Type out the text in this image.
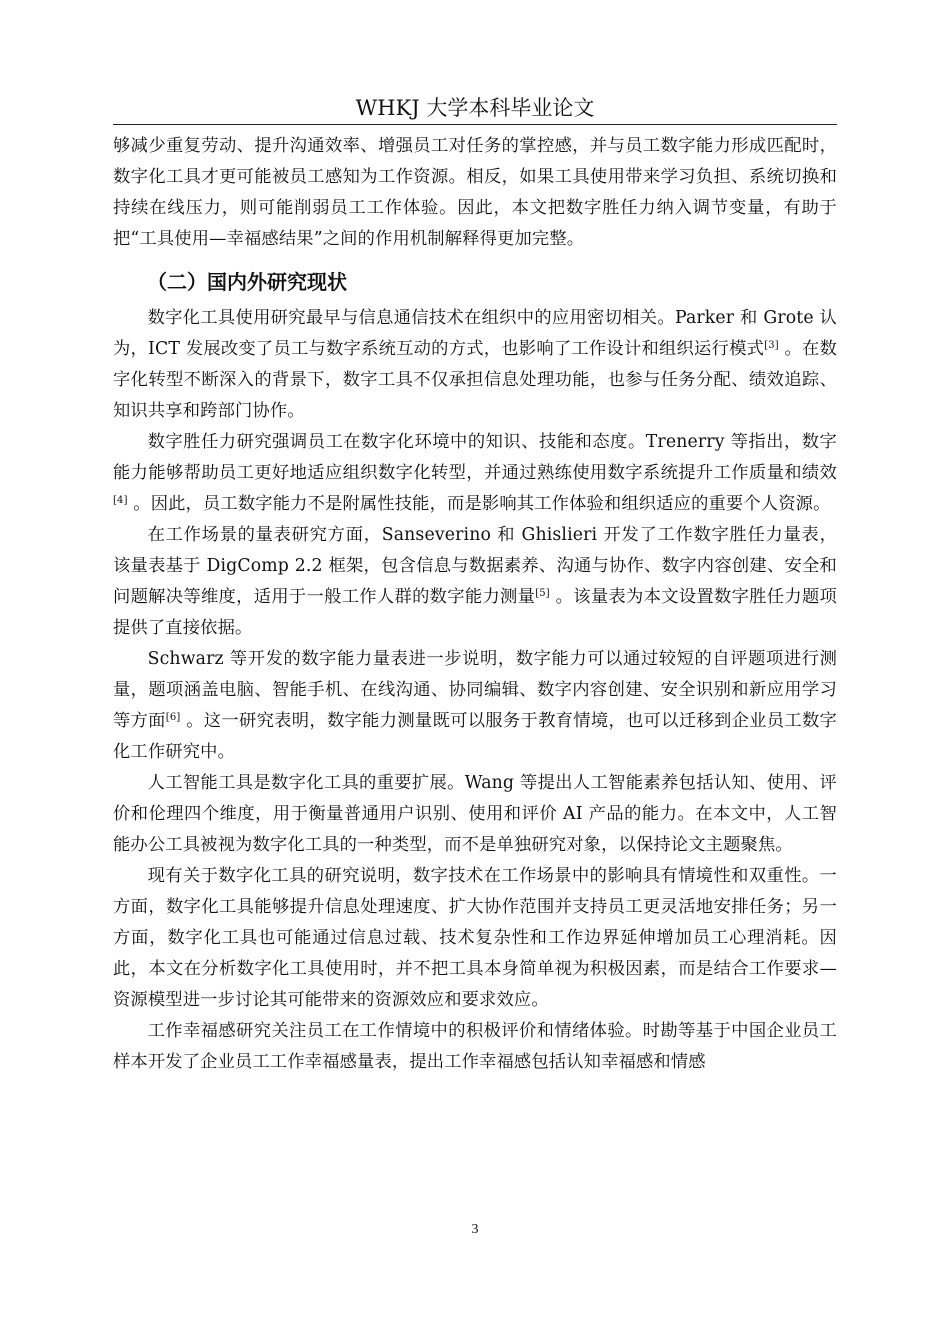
WHKJ 大学本科毕业论文

够减少重复劳动、提升沟通效率、增强员工对任务的掌控感，并与员工数字能力形成匹配时，数字化工具才更可能被员工感知为工作资源。相反，如果工具使用带来学习负担、系统切换和持续在线压力，则可能削弱员工工作体验。因此，本文把数字胜任力纳入调节变量，有助于把“工具使用—幸福感结果”之间的作用机制解释得更加完整。

（二）国内外研究现状

数字化工具使用研究最早与信息通信技术在组织中的应用密切相关。Parker 和 Grote 认为，ICT 发展改变了员工与数字系统互动的方式，也影响了工作设计和组织运行模式[3] 。在数字化转型不断深入的背景下，数字工具不仅承担信息处理功能，也参与任务分配、绩效追踪、知识共享和跨部门协作。

数字胜任力研究强调员工在数字化环境中的知识、技能和态度。Trenerry 等指出，数字能力能够帮助员工更好地适应组织数字化转型，并通过熟练使用数字系统提升工作质量和绩效[4] 。因此，员工数字能力不是附属性技能，而是影响其工作体验和组织适应的重要个人资源。

在工作场景的量表研究方面，Sanseverino 和 Ghislieri 开发了工作数字胜任力量表，该量表基于 DigComp 2.2 框架，包含信息与数据素养、沟通与协作、数字内容创建、安全和问题解决等维度，适用于一般工作人群的数字能力测量[5] 。该量表为本文设置数字胜任力题项提供了直接依据。

Schwarz 等开发的数字能力量表进一步说明，数字能力可以通过较短的自评题项进行测量，题项涵盖电脑、智能手机、在线沟通、协同编辑、数字内容创建、安全识别和新应用学习等方面[6] 。这一研究表明，数字能力测量既可以服务于教育情境，也可以迁移到企业员工数字化工作研究中。

人工智能工具是数字化工具的重要扩展。Wang 等提出人工智能素养包括认知、使用、评价和伦理四个维度，用于衡量普通用户识别、使用和评价 AI 产品的能力。在本文中，人工智能办公工具被视为数字化工具的一种类型，而不是单独研究对象，以保持论文主题聚焦。

现有关于数字化工具的研究说明，数字技术在工作场景中的影响具有情境性和双重性。一方面，数字化工具能够提升信息处理速度、扩大协作范围并支持员工更灵活地安排任务；另一方面，数字化工具也可能通过信息过载、技术复杂性和工作边界延伸增加员工心理消耗。因此，本文在分析数字化工具使用时，并不把工具本身简单视为积极因素，而是结合工作要求—资源模型进一步讨论其可能带来的资源效应和要求效应。

工作幸福感研究关注员工在工作情境中的积极评价和情绪体验。时勘等基于中国企业员工样本开发了企业员工工作幸福感量表，提出工作幸福感包括认知幸福感和情感

3
